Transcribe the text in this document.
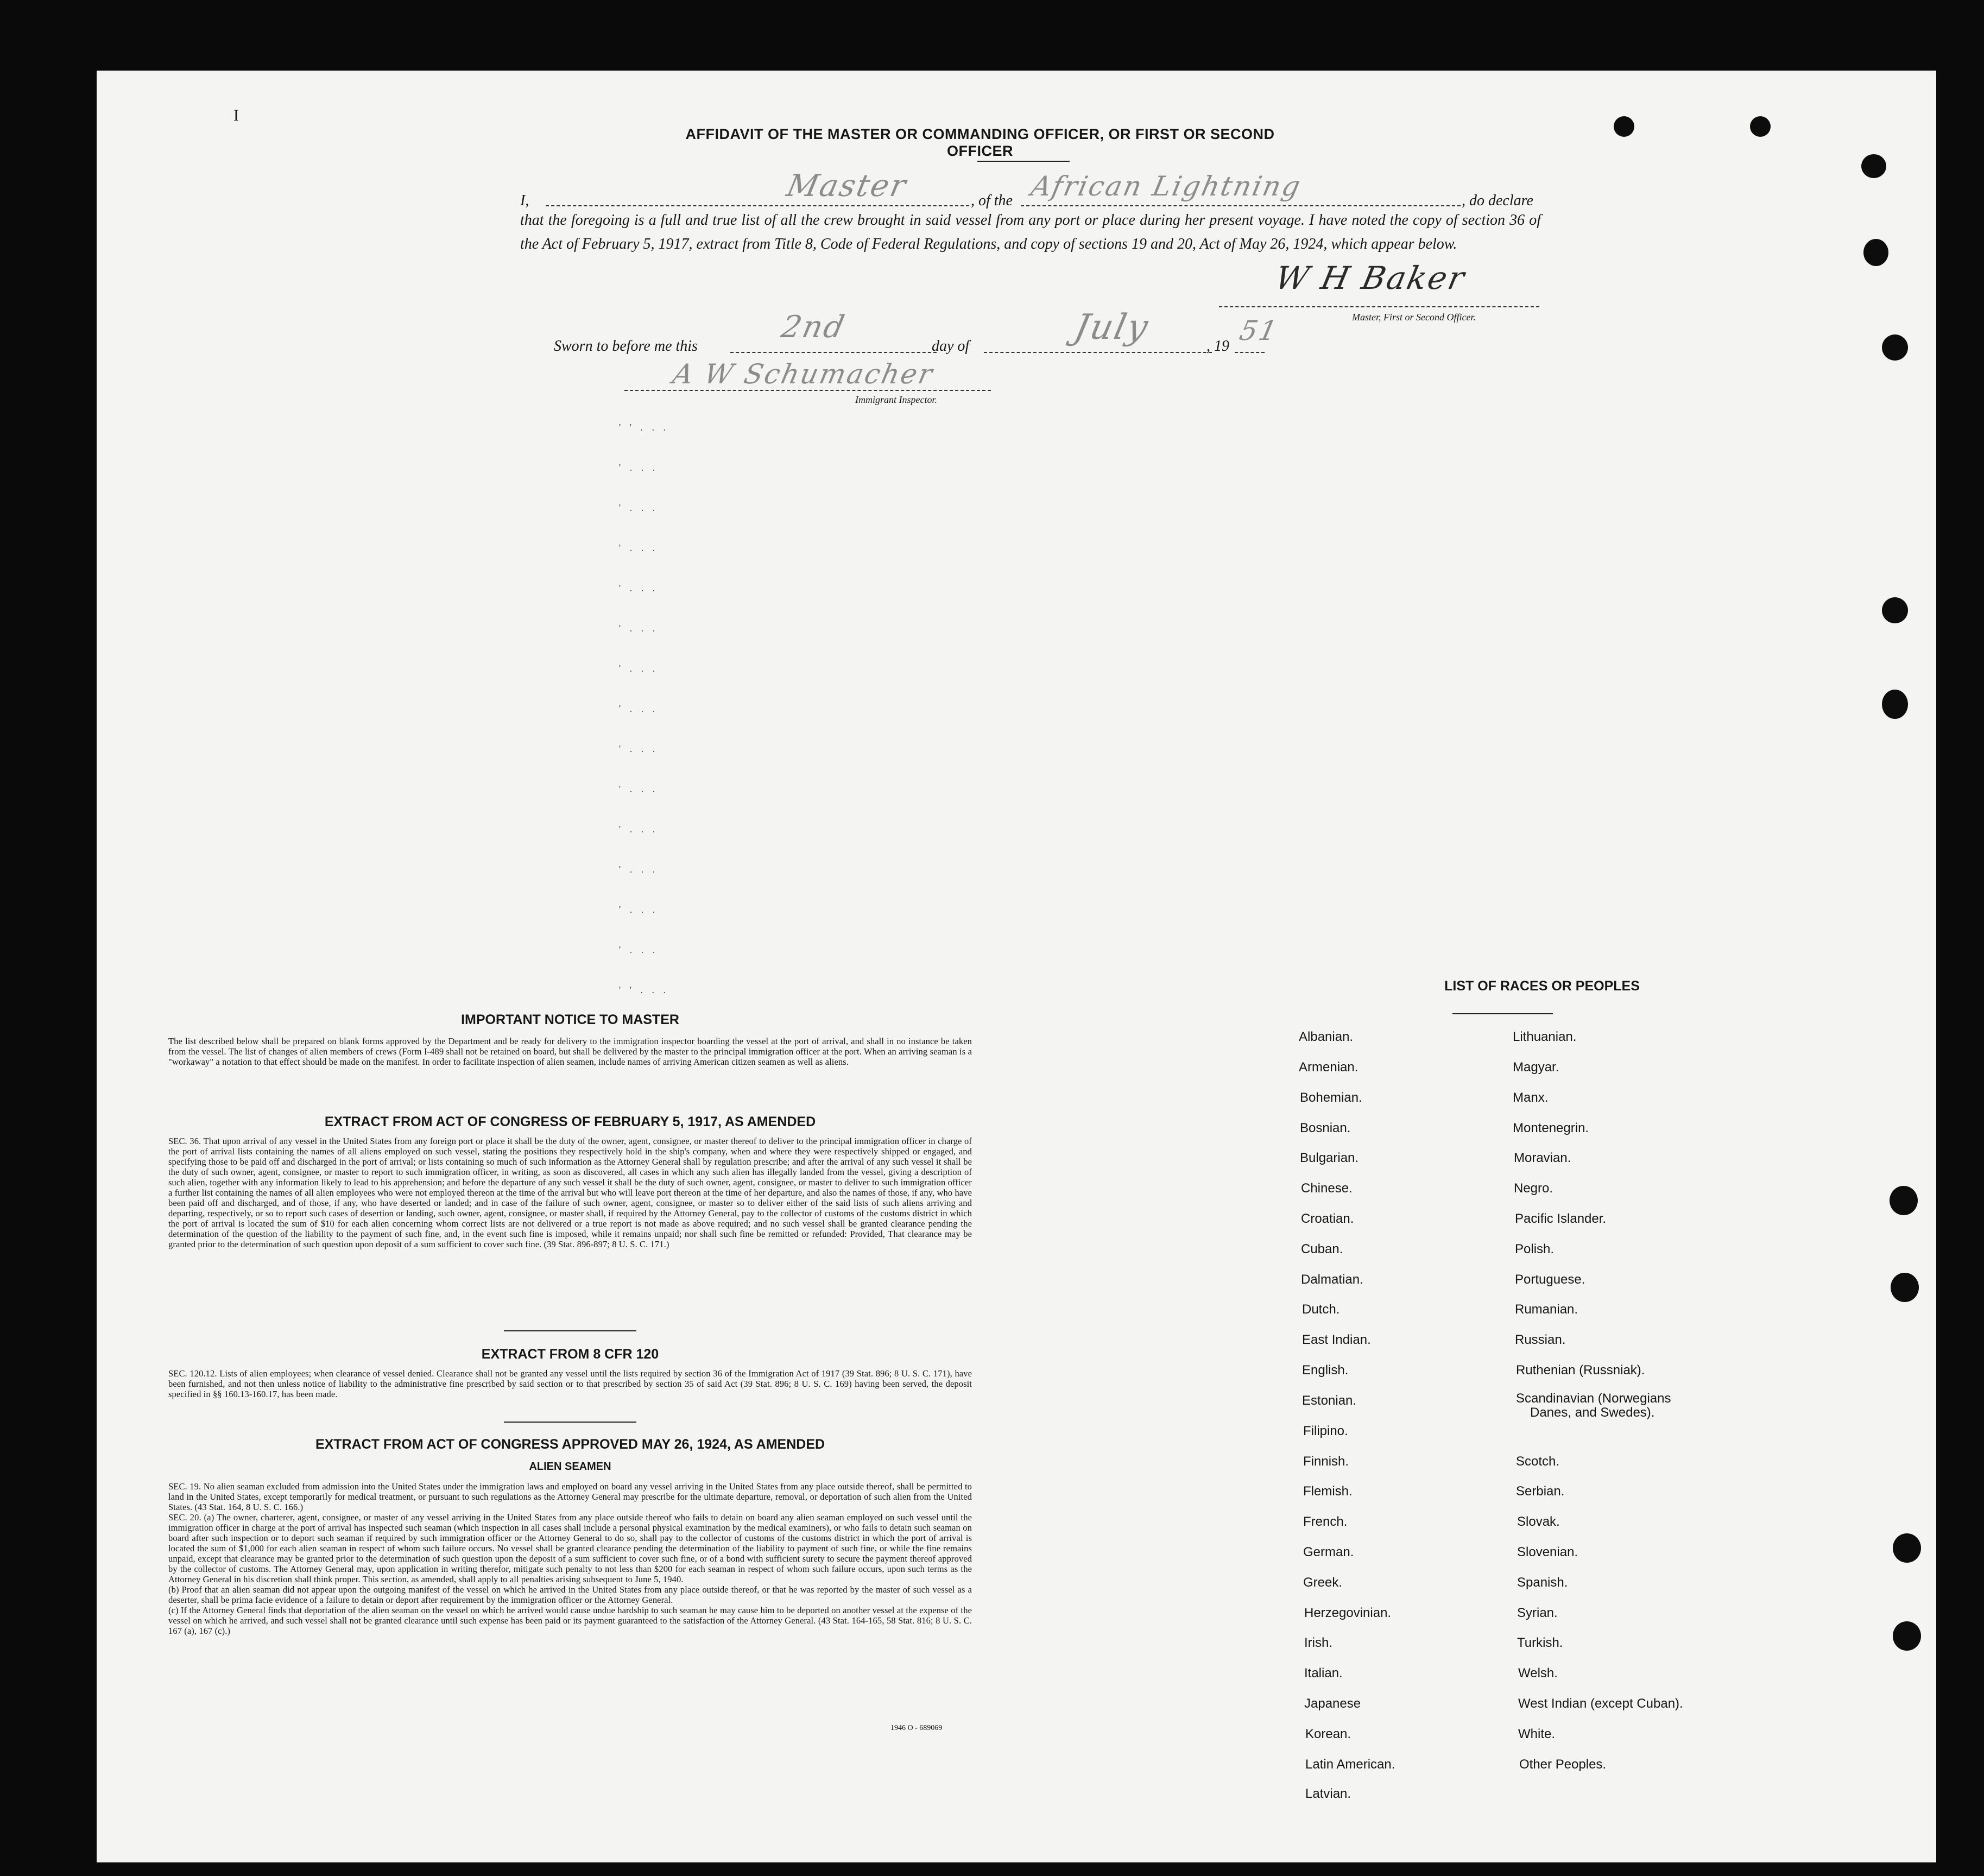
I
AFFIDAVIT OF THE MASTER OR COMMANDING OFFICER, OR FIRST OR SECOND OFFICER
I,	Master	, of the African Lightning	, do declare
that the foregoing is a full and true list of all the crew brought in said vessel from any port or place during her present voyage. I have noted the copy of section 36 of the Act of February 5, 1917, extract from Title 8, Code of Federal Regulations, and copy of sections 19 and 20, Act of May 26, 1924, which appear below.
W H Baker
Master, First or Second Officer.
Sworn to before me this
2nd
day of	July	, 19 51
A W Schumacher
Immigrant Inspector.
' ' . . .
' . . .
' . . .
' . . .
' . . .
' . . .
' . . .
' . . .
' . . .
' . . .
' . . .
' . . .
' . . .
' . . .
' ' . . .
IMPORTANT NOTICE TO MASTER
The list described below shall be prepared on blank forms approved by the Department and be ready for delivery to the immigration inspector boarding the vessel at the port of arrival, and shall in no instance be taken from the vessel. The list of changes of alien members of crews (Form I-489 shall not be retained on board, but shall be delivered by the master to the principal immigration officer at the port. When an arriving seaman is a "workaway" a notation to that effect should be made on the manifest. In order to facilitate inspection of alien seamen, include names of arriving American citizen seamen as well as aliens.
EXTRACT FROM ACT OF CONGRESS OF FEBRUARY 5, 1917, AS AMENDED
SEC. 36. That upon arrival of any vessel in the United States from any foreign port or place it shall be the duty of the owner, agent, consignee, or master thereof to deliver to the principal immigration officer in charge of the port of arrival lists containing the names of all aliens employed on such vessel, stating the positions they respectively hold in the ship's company, when and where they were respectively shipped or engaged, and specifying those to be paid off and discharged in the port of arrival; or lists containing so much of such information as the Attorney General shall by regulation prescribe; and after the arrival of any such vessel it shall be the duty of such owner, agent, consignee, or master to report to such immigration officer, in writing, as soon as discovered, all cases in which any such alien has illegally landed from the vessel, giving a description of such alien, together with any information likely to lead to his apprehension; and before the departure of any such vessel it shall be the duty of such owner, agent, consignee, or master to deliver to such immigration officer a further list containing the names of all alien employees who were not employed thereon at the time of the arrival but who will leave port thereon at the time of her departure, and also the names of those, if any, who have been paid off and discharged, and of those, if any, who have deserted or landed; and in case of the failure of such owner, agent, consignee, or master so to deliver either of the said lists of such aliens arriving and departing, respectively, or so to report such cases of desertion or landing, such owner, agent, consignee, or master shall, if required by the Attorney General, pay to the collector of customs of the customs district in which the port of arrival is located the sum of $10 for each alien concerning whom correct lists are not delivered or a true report is not made as above required; and no such vessel shall be granted clearance pending the determination of the question of the liability to the payment of such fine, and, in the event such fine is imposed, while it remains unpaid; nor shall such fine be remitted or refunded: Provided, That clearance may be granted prior to the determination of such question upon deposit of a sum sufficient to cover such fine. (39 Stat. 896-897; 8 U. S. C. 171.)
EXTRACT FROM 8 CFR 120
SEC. 120.12. Lists of alien employees; when clearance of vessel denied. Clearance shall not be granted any vessel until the lists required by section 36 of the Immigration Act of 1917 (39 Stat. 896; 8 U. S. C. 171), have been furnished, and not then unless notice of liability to the administrative fine prescribed by said section or to that prescribed by section 35 of said Act (39 Stat. 896; 8 U. S. C. 169) having been served, the deposit specified in §§ 160.13-160.17, has been made.
EXTRACT FROM ACT OF CONGRESS APPROVED MAY 26, 1924, AS AMENDED
ALIEN SEAMEN
SEC. 19. No alien seaman excluded from admission into the United States under the immigration laws and employed on board any vessel arriving in the United States from any place outside thereof, shall be permitted to land in the United States, except temporarily for medical treatment, or pursuant to such regulations as the Attorney General may prescribe for the ultimate departure, removal, or deportation of such alien from the United States. (43 Stat. 164, 8 U. S. C. 166.)
SEC. 20. (a) The owner, charterer, agent, consignee, or master of any vessel arriving in the United States from any place outside thereof who fails to detain on board any alien seaman employed on such vessel until the immigration officer in charge at the port of arrival has inspected such seaman (which inspection in all cases shall include a personal physical examination by the medical examiners), or who fails to detain such seaman on board after such inspection or to deport such seaman if required by such immigration officer or the Attorney General to do so, shall pay to the collector of customs of the customs district in which the port of arrival is located the sum of $1,000 for each alien seaman in respect of whom such failure occurs. No vessel shall be granted clearance pending the determination of the liability to payment of such fine, or while the fine remains unpaid, except that clearance may be granted prior to the determination of such question upon the deposit of a sum sufficient to cover such fine, or of a bond with sufficient surety to secure the payment thereof approved by the collector of customs. The Attorney General may, upon application in writing therefor, mitigate such penalty to not less than $200 for each seaman in respect of whom such failure occurs, upon such terms as the Attorney General in his discretion shall think proper. This section, as amended, shall apply to all penalties arising subsequent to June 5, 1940.
(b) Proof that an alien seaman did not appear upon the outgoing manifest of the vessel on which he arrived in the United States from any place outside thereof, or that he was reported by the master of such vessel as a deserter, shall be prima facie evidence of a failure to detain or deport after requirement by the immigration officer or the Attorney General.
(c) If the Attorney General finds that deportation of the alien seaman on the vessel on which he arrived would cause undue hardship to such seaman he may cause him to be deported on another vessel at the expense of the vessel on which he arrived, and such vessel shall not be granted clearance until such expense has been paid or its payment guaranteed to the satisfaction of the Attorney General. (43 Stat. 164-165, 58 Stat. 816; 8 U. S. C. 167 (a), 167 (c).)
1946 O - 689069
LIST OF RACES OR PEOPLES
Albanian.
Armenian.
Bohemian.
Bosnian.
Bulgarian.
Chinese.
Croatian.
Cuban.
Dalmatian.
Dutch.
East Indian.
English.
Estonian.
Filipino.
Finnish.
Flemish.
French.
German.
Greek.
Herzegovinian.
Irish.
Italian.
Japanese
Korean.
Latin American.
Latvian.
Lithuanian.
Magyar.
Manx.
Montenegrin.
Moravian.
Negro.
Pacific Islander.
Polish.
Portuguese.
Rumanian.
Russian.
Ruthenian (Russniak).
Scandinavian (Norwegians
Danes, and Swedes).
Scotch.
Serbian.
Slovak.
Slovenian.
Spanish.
Syrian.
Turkish.
Welsh.
West Indian (except Cuban).
White.
Other Peoples.
